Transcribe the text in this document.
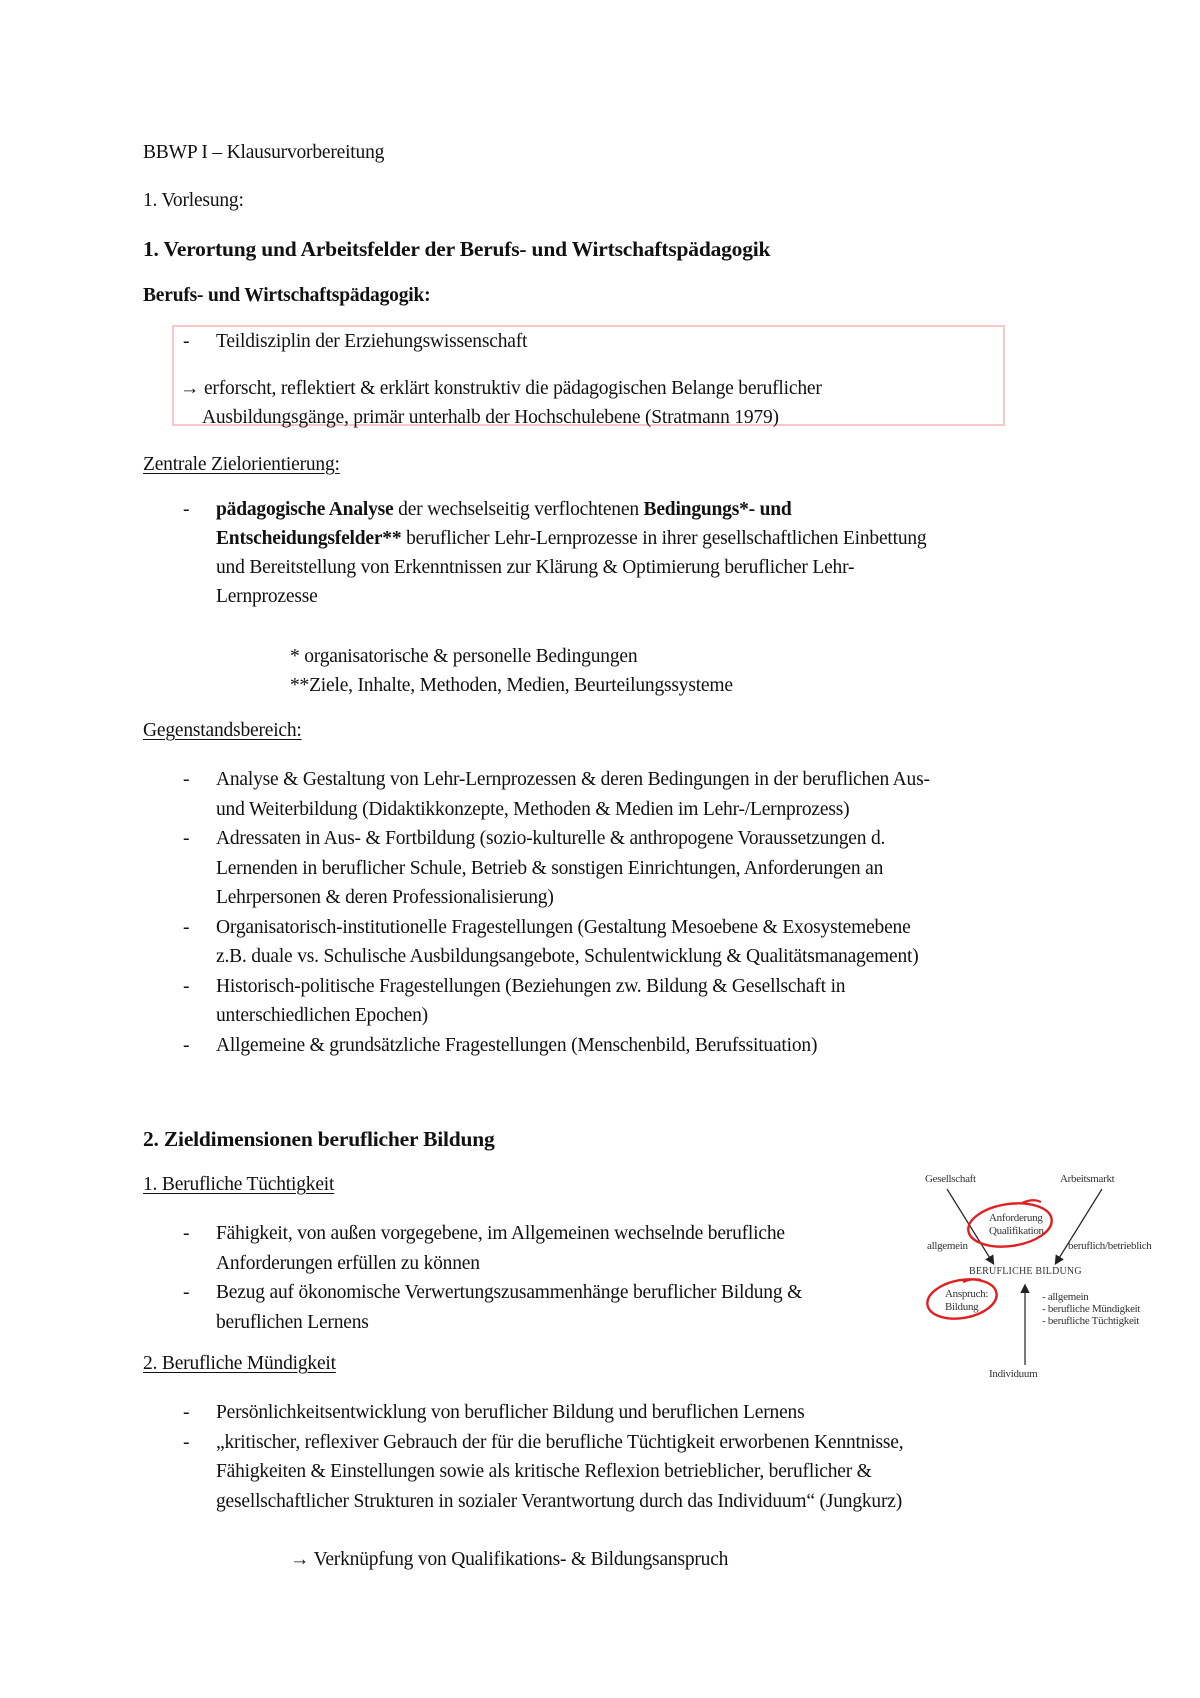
BBWP I – Klausurvorbereitung
1. Vorlesung:
1. Verortung und Arbeitsfelder der Berufs- und Wirtschaftspädagogik
Berufs- und Wirtschaftspädagogik:
- Teildisziplin der Erziehungswissenschaft
→ erforscht, reflektiert & erklärt konstruktiv die pädagogischen Belange beruflicher
Ausbildungsgänge, primär unterhalb der Hochschulebene (Stratmann 1979)
Zentrale Zielorientierung:
- pädagogische Analyse der wechselseitig verflochtenen Bedingungs*- und
Entscheidungsfelder** beruflicher Lehr-Lernprozesse in ihrer gesellschaftlichen Einbettung
und Bereitstellung von Erkenntnissen zur Klärung & Optimierung beruflicher Lehr-
Lernprozesse
* organisatorische & personelle Bedingungen
**Ziele, Inhalte, Methoden, Medien, Beurteilungssysteme
Gegenstandsbereich:
- Analyse & Gestaltung von Lehr-Lernprozessen & deren Bedingungen in der beruflichen Aus-
und Weiterbildung (Didaktikkonzepte, Methoden & Medien im Lehr-/Lernprozess)
- Adressaten in Aus- & Fortbildung (sozio-kulturelle & anthropogene Voraussetzungen d.
Lernenden in beruflicher Schule, Betrieb & sonstigen Einrichtungen, Anforderungen an
Lehrpersonen & deren Professionalisierung)
- Organisatorisch-institutionelle Fragestellungen (Gestaltung Mesoebene & Exosystemebene
z.B. duale vs. Schulische Ausbildungsangebote, Schulentwicklung & Qualitätsmanagement)
- Historisch-politische Fragestellungen (Beziehungen zw. Bildung & Gesellschaft in
unterschiedlichen Epochen)
- Allgemeine & grundsätzliche Fragestellungen (Menschenbild, Berufssituation)
2. Zieldimensionen beruflicher Bildung
1. Berufliche Tüchtigkeit
- Fähigkeit, von außen vorgegebene, im Allgemeinen wechselnde berufliche
Anforderungen erfüllen zu können
- Bezug auf ökonomische Verwertungszusammenhänge beruflicher Bildung &
beruflichen Lernens
2. Berufliche Mündigkeit
- Persönlichkeitsentwicklung von beruflicher Bildung und beruflichen Lernens
- „kritischer, reflexiver Gebrauch der für die berufliche Tüchtigkeit erworbenen Kenntnisse,
Fähigkeiten & Einstellungen sowie als kritische Reflexion betrieblicher, beruflicher &
gesellschaftlicher Strukturen in sozialer Verantwortung durch das Individuum“ (Jungkurz)
→ Verknüpfung von Qualifikations- & Bildungsanspruch
Gesellschaft	Arbeitsmarkt
Anforderung
Qualifikation
allgemein	beruflich/betrieblich
BERUFLICHE BILDUNG
Anspruch:
Bildung
- allgemein
- berufliche Mündigkeit
- berufliche Tüchtigkeit
Individuum
